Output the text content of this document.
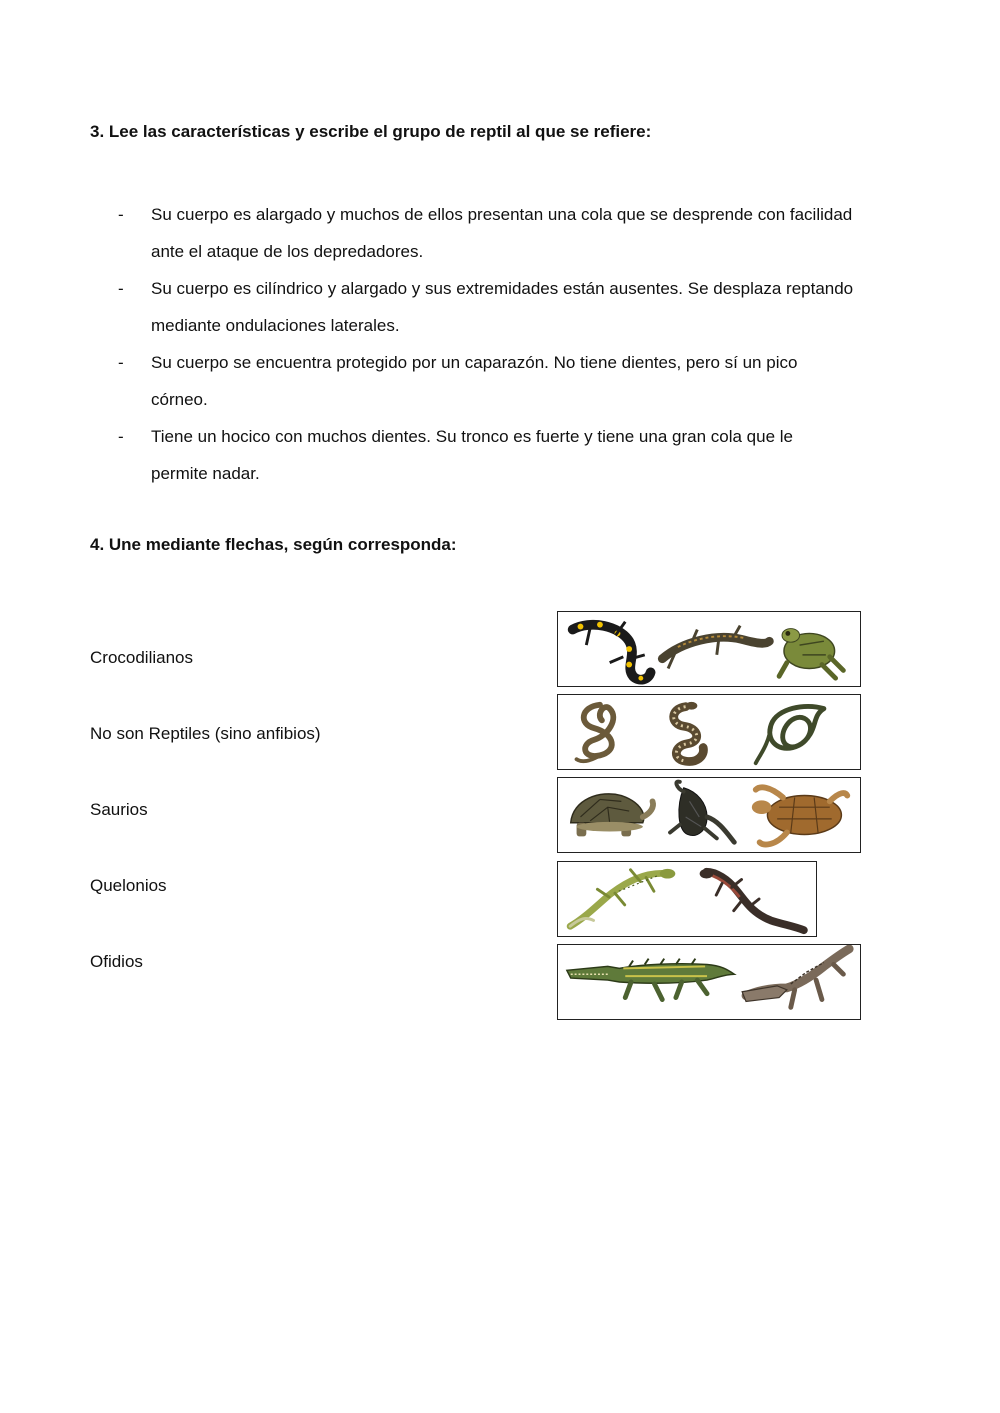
3. Lee las características y escribe el grupo de reptil al que se refiere:
- Su cuerpo es alargado y muchos de ellos presentan una cola que se desprende con facilidad
ante el ataque de los depredadores.
- Su cuerpo es cilíndrico y alargado y sus extremidades están ausentes. Se desplaza reptando
mediante ondulaciones laterales.
- Su cuerpo se encuentra protegido por un caparazón. No tiene dientes, pero sí un pico
córneo.
- Tiene un hocico con muchos dientes. Su tronco es fuerte y tiene una gran cola que le
permite nadar.
4. Une mediante flechas, según corresponda:
Crocodilianos
No son Reptiles (sino anfibios)
Saurios
Quelonios
Ofidios
